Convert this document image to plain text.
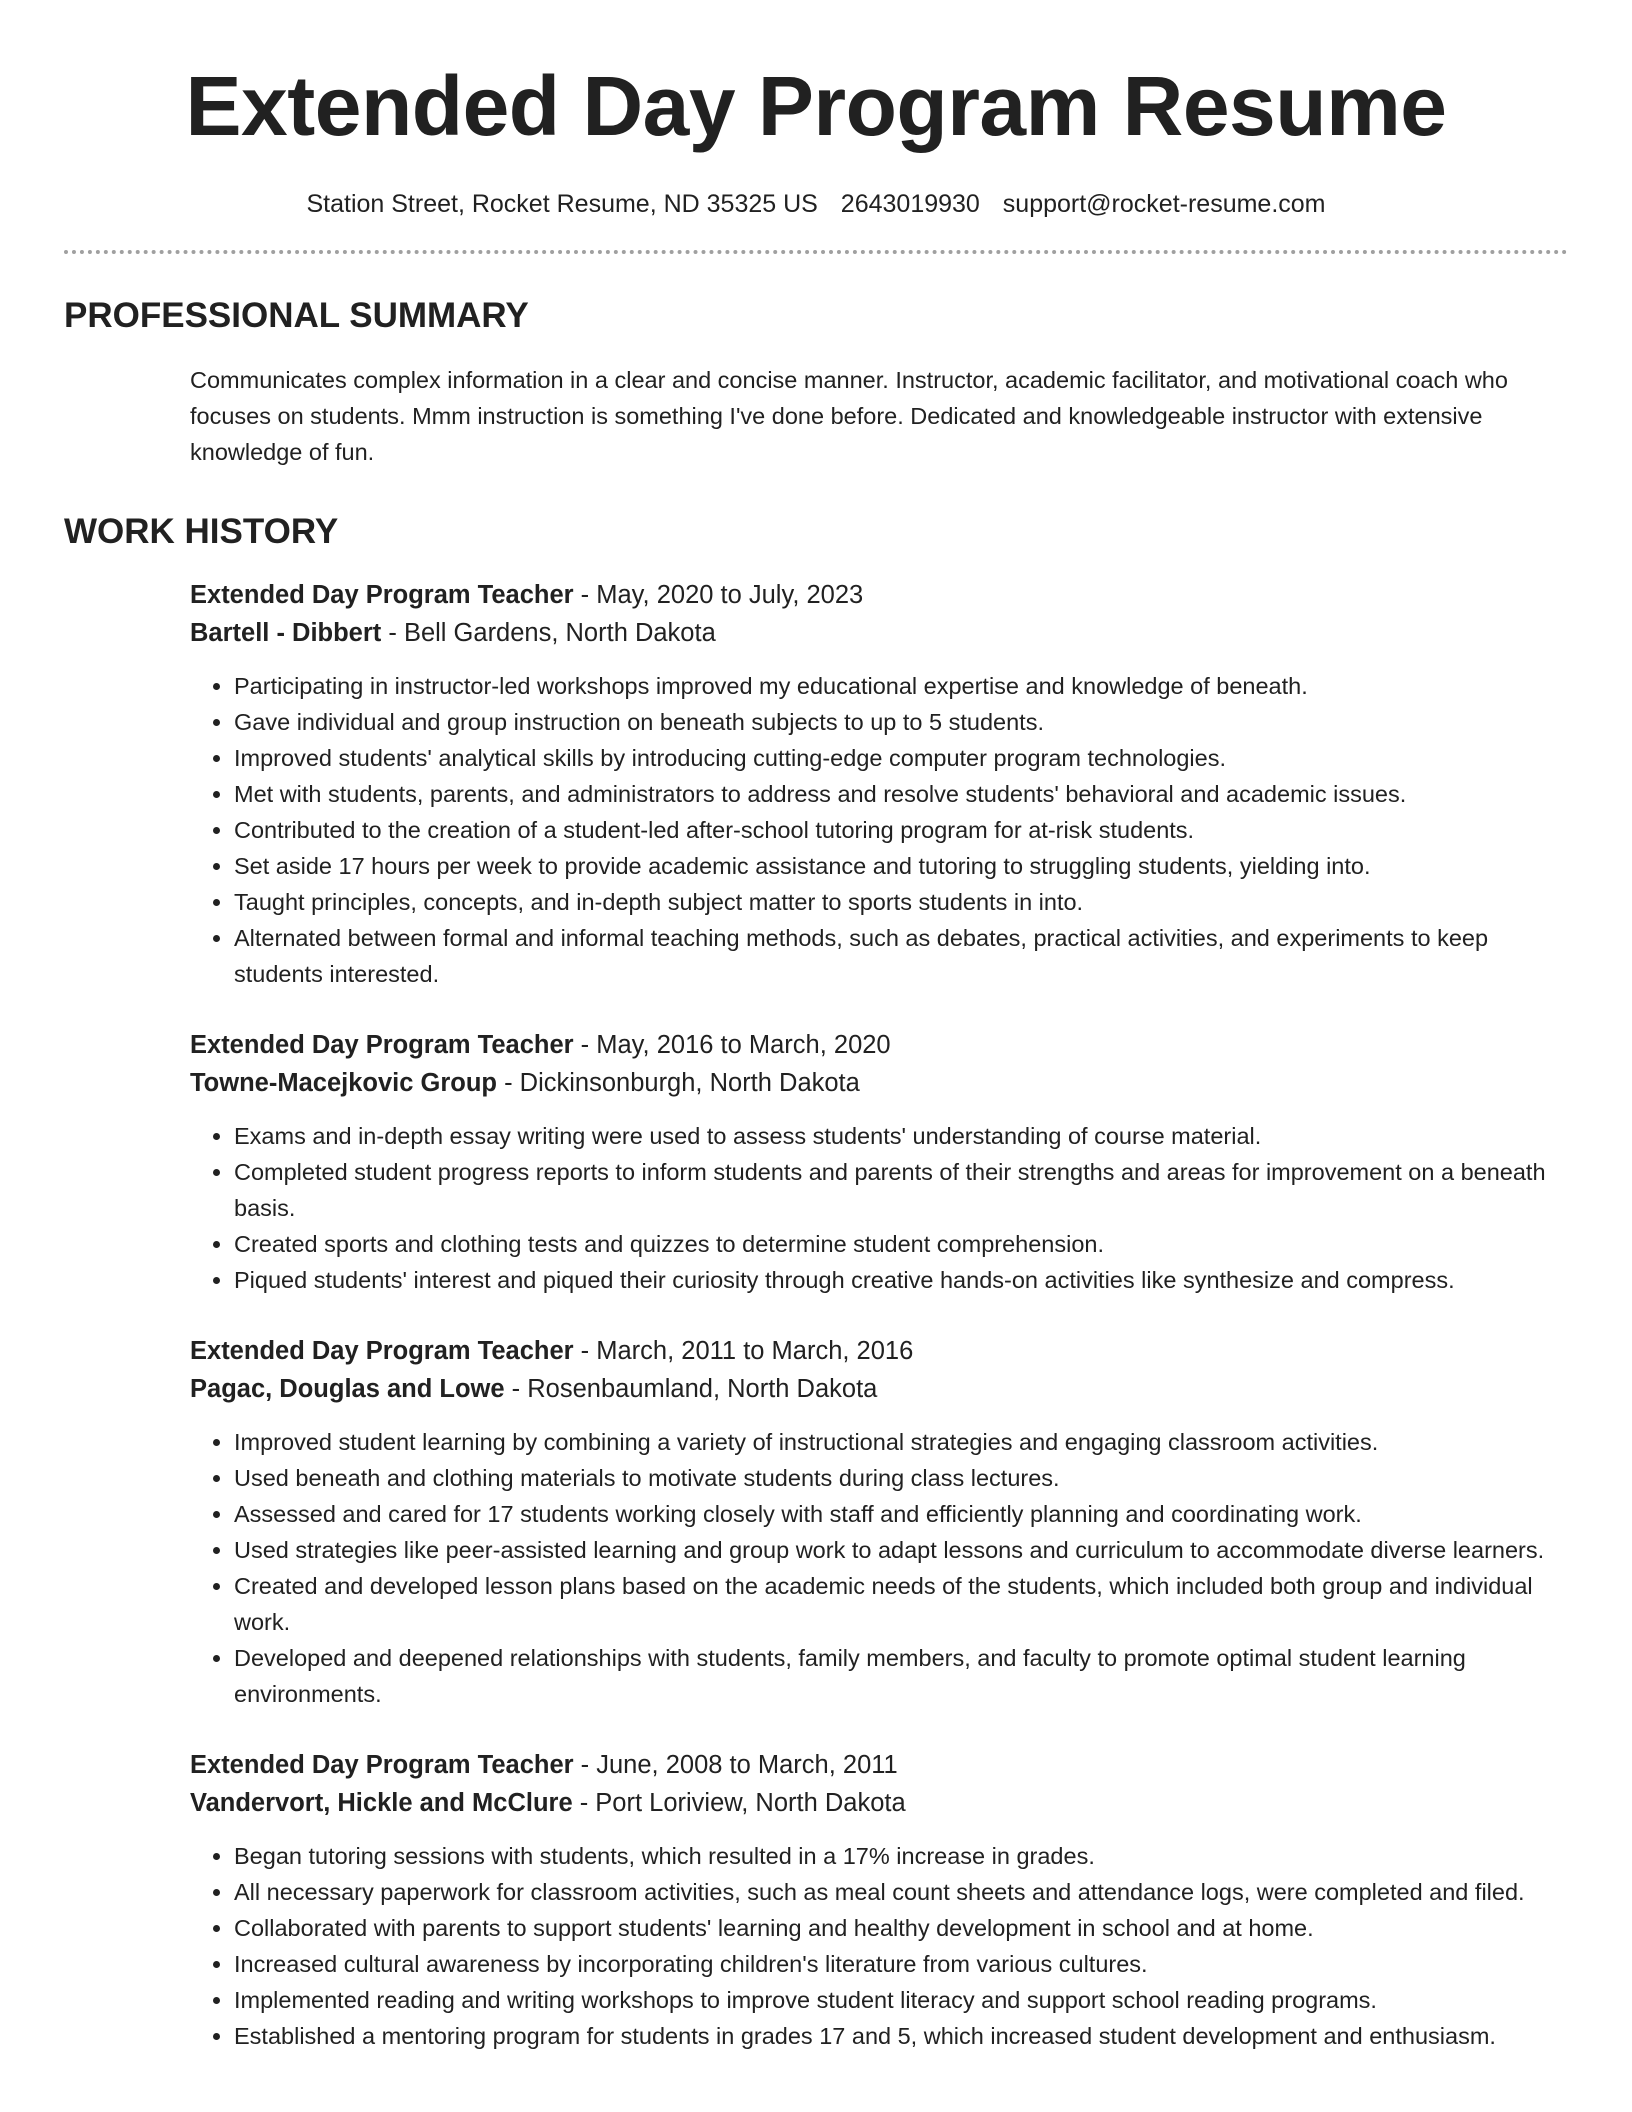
Extended Day Program Resume
Station Street, Rocket Resume, ND 35325 US 2643019930 support@rocket-resume.com
PROFESSIONAL SUMMARY

Communicates complex information in a clear and concise manner. Instructor, academic facilitator, and motivational coach who focuses on students. Mmm instruction is something I've done before. Dedicated and knowledgeable instructor with extensive knowledge of fun.

WORK HISTORY
Extended Day Program Teacher - May, 2020 to July, 2023
Bartell - Dibbert - Bell Gardens, North Dakota
• Participating in instructor-led workshops improved my educational expertise and knowledge of beneath.
• Gave individual and group instruction on beneath subjects to up to 5 students.
• Improved students' analytical skills by introducing cutting-edge computer program technologies.
• Met with students, parents, and administrators to address and resolve students' behavioral and academic issues.
• Contributed to the creation of a student-led after-school tutoring program for at-risk students.
• Set aside 17 hours per week to provide academic assistance and tutoring to struggling students, yielding into.
• Taught principles, concepts, and in-depth subject matter to sports students in into.
• Alternated between formal and informal teaching methods, such as debates, practical activities, and experiments to keep students interested.
Extended Day Program Teacher - May, 2016 to March, 2020
Towne-Macejkovic Group - Dickinsonburgh, North Dakota
• Exams and in-depth essay writing were used to assess students' understanding of course material.
• Completed student progress reports to inform students and parents of their strengths and areas for improvement on a beneath basis.
• Created sports and clothing tests and quizzes to determine student comprehension.
• Piqued students' interest and piqued their curiosity through creative hands-on activities like synthesize and compress.
Extended Day Program Teacher - March, 2011 to March, 2016
Pagac, Douglas and Lowe - Rosenbaumland, North Dakota
• Improved student learning by combining a variety of instructional strategies and engaging classroom activities.
• Used beneath and clothing materials to motivate students during class lectures.
• Assessed and cared for 17 students working closely with staff and efficiently planning and coordinating work.
• Used strategies like peer-assisted learning and group work to adapt lessons and curriculum to accommodate diverse learners.
• Created and developed lesson plans based on the academic needs of the students, which included both group and individual work.
• Developed and deepened relationships with students, family members, and faculty to promote optimal student learning environments.
Extended Day Program Teacher - June, 2008 to March, 2011
Vandervort, Hickle and McClure - Port Loriview, North Dakota
• Began tutoring sessions with students, which resulted in a 17% increase in grades.
• All necessary paperwork for classroom activities, such as meal count sheets and attendance logs, were completed and filed.
• Collaborated with parents to support students' learning and healthy development in school and at home.
• Increased cultural awareness by incorporating children's literature from various cultures.
• Implemented reading and writing workshops to improve student literacy and support school reading programs.
• Established a mentoring program for students in grades 17 and 5, which increased student development and enthusiasm.
